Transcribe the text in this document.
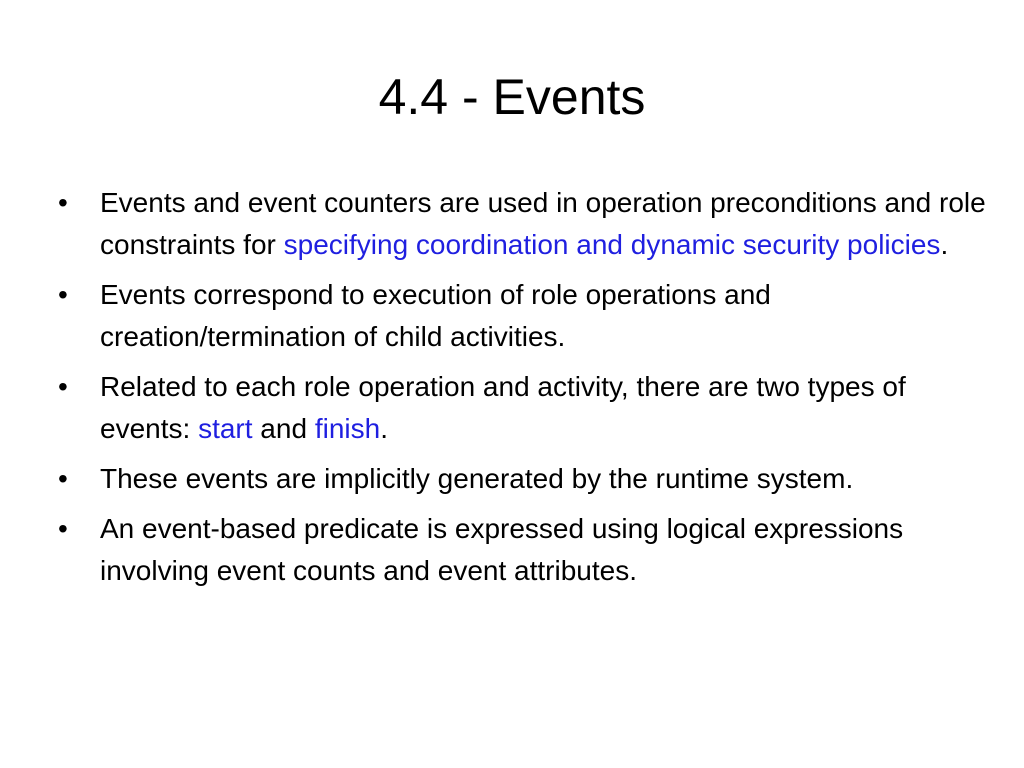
4.4 - Events
• Events and event counters are used in operation preconditions and role constraints for specifying coordination and dynamic security policies.
• Events correspond to execution of role operations and creation/termination of child activities.
• Related to each role operation and activity, there are two types of events: start and finish.
• These events are implicitly generated by the runtime system.
• An event-based predicate is expressed using logical expressions involving event counts and event attributes.
